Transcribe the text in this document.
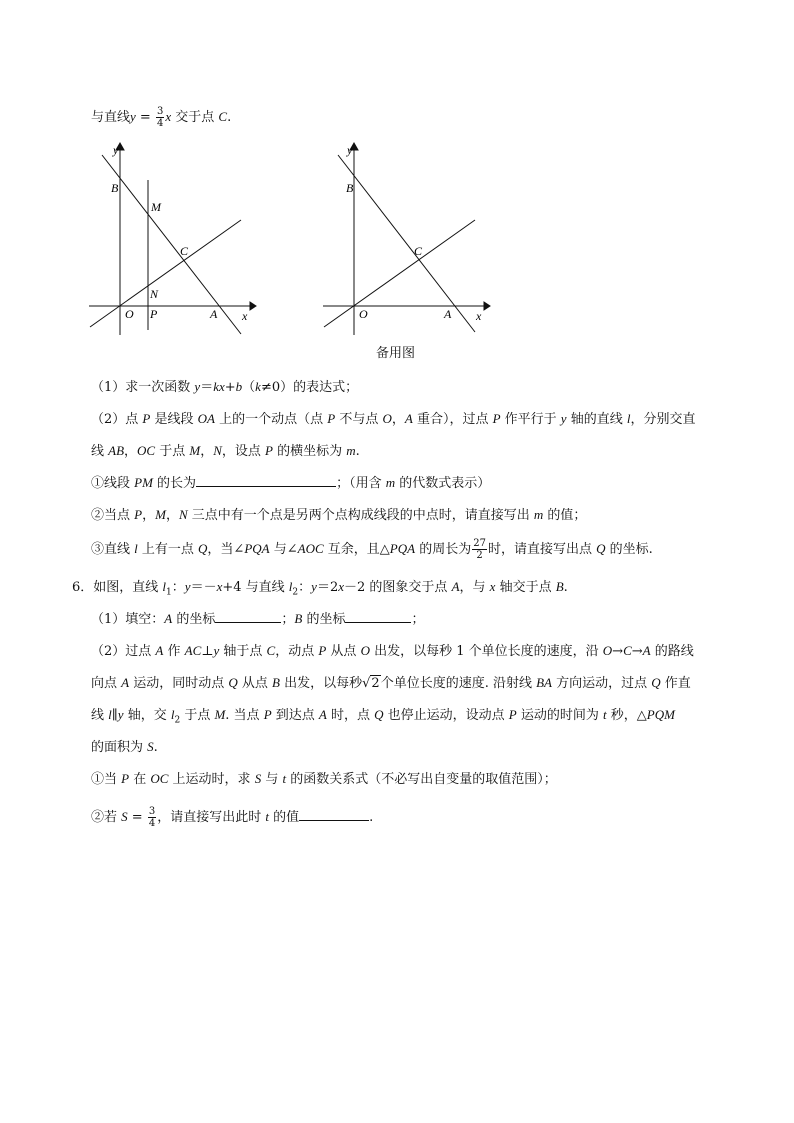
与直线$y = \frac{3}{4}$ x 交于点 C.
y
x
B
M
C
N
O P	A
y
x
B
C
O	A
备用图
（1）求一次函数 y＝kx+b（k≠0）的表达式；
（2）点 P 是线段 OA 上的一个动点（点 P 不与点 O，A 重合），过点 P 作平行于 y 轴的直线 l，分别交直
线 AB，OC 于点 M，N，设点 P 的横坐标为 m.
①线段 PM 的长为	；（用含 m 的代数式表示）
②当点 P，M，N 三点中有一个点是另两个点构成线段的中点时，请直接写出 m 的值；
③直线 l 上有一点 Q，当∠PQA 与∠AOC 互余，且△PQA 的周长为 $\frac{27}{2}$ 时，请直接写出点 Q 的坐标.
6．如图，直线 $l_1$：y＝－x+4 与直线 $l_2$：y＝2x－2 的图象交于点 A，与 x 轴交于点 B.
（1）填空：A 的坐标	；B 的坐标	；
（2）过点 A 作 AC⊥y 轴于点 C，动点 P 从点 O 出发，以每秒 1 个单位长度的速度，沿 O→C→A 的路线
向点 A 运动，同时动点 Q 从点 B 出发，以每秒√2个单位长度的速度. 沿射线 BA 方向运动，过点 Q 作直
线 l∥y 轴，交 $l_2$ 于点 M. 当点 P 到达点 A 时，点 Q 也停止运动，设动点 P 运动的时间为 t 秒，△PQM
的面积为 S.
①当 P 在 OC 上运动时，求 S 与 t 的函数关系式（不必写出自变量的取值范围）；
②若 $S = \frac{3}{4}$ ，请直接写出此时 t 的值	.
